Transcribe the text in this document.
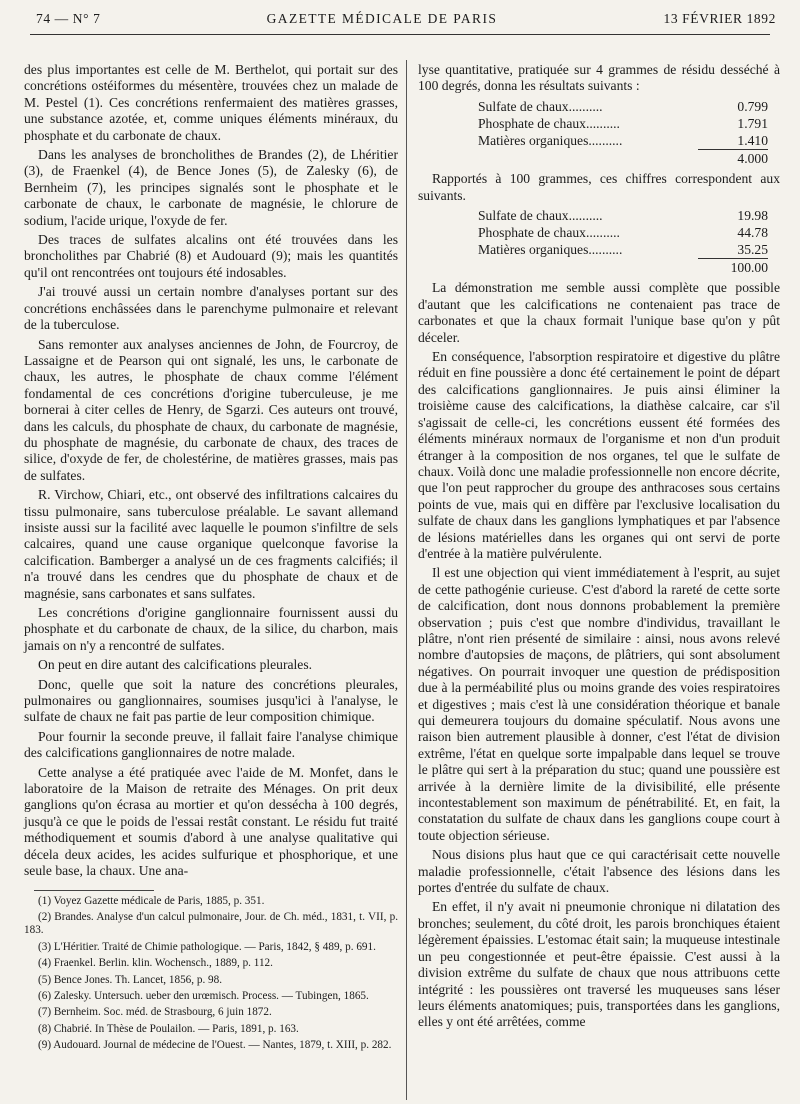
74 — N° 7	GAZETTE MÉDICALE DE PARIS	13 FÉVRIER 1892

des plus importantes est celle de M. Berthelot, qui portait sur des concrétions ostéiformes du mésentère, trouvées chez un malade de M. Pestel (1). Ces concrétions renfermaient des matières grasses, une substance azotée, et, comme uniques éléments minéraux, du phosphate et du carbonate de chaux.

Dans les analyses de broncholithes de Brandes (2), de Lhéritier (3), de Fraenkel (4), de Bence Jones (5), de Zalesky (6), de Bernheim (7), les principes signalés sont le phosphate et le carbonate de chaux, le carbonate de magnésie, le chlorure de sodium, l'acide urique, l'oxyde de fer.

Des traces de sulfates alcalins ont été trouvées dans les broncholithes par Chabrié (8) et Audouard (9); mais les quantités qu'il ont rencontrées ont toujours été indosables.

J'ai trouvé aussi un certain nombre d'analyses portant sur des concrétions enchâssées dans le parenchyme pulmonaire et relevant de la tuberculose.

Sans remonter aux analyses anciennes de John, de Fourcroy, de Lassaigne et de Pearson qui ont signalé, les uns, le carbonate de chaux, les autres, le phosphate de chaux comme l'élément fondamental de ces concrétions d'origine tuberculeuse, je me bornerai à citer celles de Henry, de Sgarzi. Ces auteurs ont trouvé, dans les calculs, du phosphate de chaux, du carbonate de magnésie, du phosphate de magnésie, du carbonate de chaux, des traces de silice, d'oxyde de fer, de cholestérine, de matières grasses, mais pas de sulfates.

R. Virchow, Chiari, etc., ont observé des infiltrations calcaires du tissu pulmonaire, sans tuberculose préalable. Le savant allemand insiste aussi sur la facilité avec laquelle le poumon s'infiltre de sels calcaires, quand une cause organique quelconque favorise la calcification. Bamberger a analysé un de ces fragments calcifiés; il n'a trouvé dans les cendres que du phosphate de chaux et de magnésie, sans carbonates et sans sulfates.

Les concrétions d'origine ganglionnaire fournissent aussi du phosphate et du carbonate de chaux, de la silice, du charbon, mais jamais on n'y a rencontré de sulfates.

On peut en dire autant des calcifications pleurales.

Donc, quelle que soit la nature des concrétions pleurales, pulmonaires ou ganglionnaires, soumises jusqu'ici à l'analyse, le sulfate de chaux ne fait pas partie de leur composition chimique.

Pour fournir la seconde preuve, il fallait faire l'analyse chimique des calcifications ganglionnaires de notre malade.

Cette analyse a été pratiquée avec l'aide de M. Monfet, dans le laboratoire de la Maison de retraite des Ménages. On prit deux ganglions qu'on écrasa au mortier et qu'on dessécha à 100 degrés, jusqu'à ce que le poids de l'essai restât constant. Le résidu fut traité méthodiquement et soumis d'abord à une analyse qualitative qui décela deux acides, les acides sulfurique et phosphorique, et une seule base, la chaux. Une ana-

(1) Voyez Gazette médicale de Paris, 1885, p. 351.

(2) Brandes. Analyse d'un calcul pulmonaire, Jour. de Ch. méd., 1831, t. VII, p. 183.

(3) L'Héritier. Traité de Chimie pathologique. — Paris, 1842, § 489, p. 691.

(4) Fraenkel. Berlin. klin. Wochensch., 1889, p. 112.

(5) Bence Jones. Th. Lancet, 1856, p. 98.

(6) Zalesky. Untersuch. ueber den urœmisch. Process. — Tubingen, 1865.

(7) Bernheim. Soc. méd. de Strasbourg, 6 juin 1872.

(8) Chabrié. In Thèse de Poulailon. — Paris, 1891, p. 163.

(9) Audouard. Journal de médecine de l'Ouest. — Nantes, 1879, t. XIII, p. 282.

lyse quantitative, pratiquée sur 4 grammes de résidu desséché à 100 degrés, donna les résultats suivants :

Sulfate de chaux..........	0.799
Phosphate de chaux..........	1.791
Matières organiques..........	1.410
4.000

Rapportés à 100 grammes, ces chiffres correspondent aux suivants.

Sulfate de chaux..........	19.98
Phosphate de chaux..........	44.78
Matières organiques..........	35.25
100.00

La démonstration me semble aussi complète que possible d'autant que les calcifications ne contenaient pas trace de carbonates et que la chaux formait l'unique base qu'on y pût déceler.

En conséquence, l'absorption respiratoire et digestive du plâtre réduit en fine poussière a donc été certainement le point de départ des calcifications ganglionnaires. Je puis ainsi éliminer la troisième cause des calcifications, la diathèse calcaire, car s'il s'agissait de celle-ci, les concrétions eussent été formées des éléments minéraux normaux de l'organisme et non d'un produit étranger à la composition de nos organes, tel que le sulfate de chaux. Voilà donc une maladie professionnelle non encore décrite, que l'on peut rapprocher du groupe des anthracoses sous certains points de vue, mais qui en diffère par l'exclusive localisation du sulfate de chaux dans les ganglions lymphatiques et par l'absence de lésions matérielles dans les organes qui ont servi de porte d'entrée à la matière pulvérulente.

Il est une objection qui vient immédiatement à l'esprit, au sujet de cette pathogénie curieuse. C'est d'abord la rareté de cette sorte de calcification, dont nous donnons probablement la première observation ; puis c'est que nombre d'individus, travaillant le plâtre, n'ont rien présenté de similaire : ainsi, nous avons relevé nombre d'autopsies de maçons, de plâtriers, qui sont absolument négatives. On pourrait invoquer une question de prédisposition due à la perméabilité plus ou moins grande des voies respiratoires et digestives ; mais c'est là une considération théorique et banale qui demeurera toujours du domaine spéculatif. Nous avons une raison bien autrement plausible à donner, c'est l'état de division extrême, l'état en quelque sorte impalpable dans lequel se trouve le plâtre qui sert à la préparation du stuc; quand une poussière est arrivée à la dernière limite de la divisibilité, elle présente incontestablement son maximum de pénétrabilité. Et, en fait, la constatation du sulfate de chaux dans les ganglions coupe court à toute objection sérieuse.

Nous disions plus haut que ce qui caractérisait cette nouvelle maladie professionnelle, c'était l'absence des lésions dans les portes d'entrée du sulfate de chaux.

En effet, il n'y avait ni pneumonie chronique ni dilatation des bronches; seulement, du côté droit, les parois bronchiques étaient légèrement épaissies. L'estomac était sain; la muqueuse intestinale un peu congestionnée et peut-être épaissie. C'est aussi à la division extrême du sulfate de chaux que nous attribuons cette intégrité : les poussières ont traversé les muqueuses sans léser leurs éléments anatomiques; puis, transportées dans les ganglions, elles y ont été arrêtées, comme
